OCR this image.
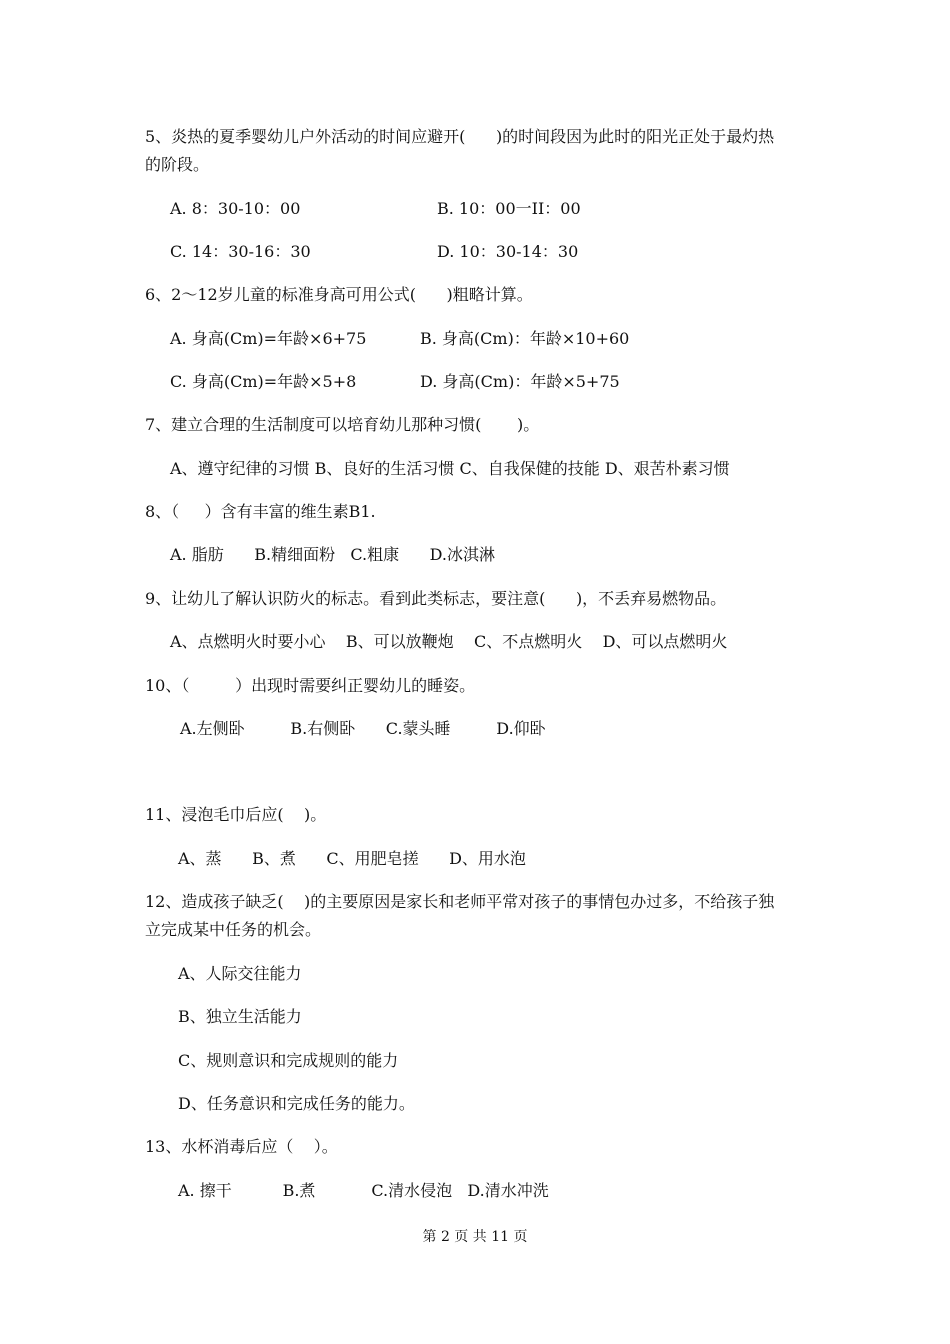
5、炎热的夏季婴幼儿户外活动的时间应避开(      )的时间段因为此时的阳光正处于最灼热
的阶段。
A. 8：30-10：00	B. 10：00一II：00
C. 14：30-16：30	D. 10：30-14：30
6、2～12岁儿童的标准身高可用公式(      )粗略计算。
A. 身高(Cm)=年龄×6+75	B. 身高(Cm)：年龄×10+60
C. 身高(Cm)=年龄×5+8	D. 身高(Cm)：年龄×5+75
7、建立合理的生活制度可以培育幼儿那种习惯(       )。
A、遵守纪律的习惯 B、良好的生活习惯 C、自我保健的技能 D、艰苦朴素习惯
8、（     ）含有丰富的维生素B1.
A. 脂肪      B.精细面粉   C.粗康      D.冰淇淋
9、让幼儿了解认识防火的标志。看到此类标志，要注意(      )，不丢弃易燃物品。
A、点燃明火时要小心    B、可以放鞭炮    C、不点燃明火    D、可以点燃明火
10、（         ）出现时需要纠正婴幼儿的睡姿。
A.左侧卧         B.右侧卧      C.蒙头睡         D.仰卧
11、浸泡毛巾后应(    )。
A、蒸      B、煮      C、用肥皂搓      D、用水泡
12、造成孩子缺乏(    )的主要原因是家长和老师平常对孩子的事情包办过多，不给孩子独
立完成某中任务的机会。
A、人际交往能力
B、独立生活能力
C、规则意识和完成规则的能力
D、任务意识和完成任务的能力。
13、水杯消毒后应（    ）。
A. 擦干          B.煮           C.清水侵泡   D.清水冲洗
第 2 页 共 11 页
